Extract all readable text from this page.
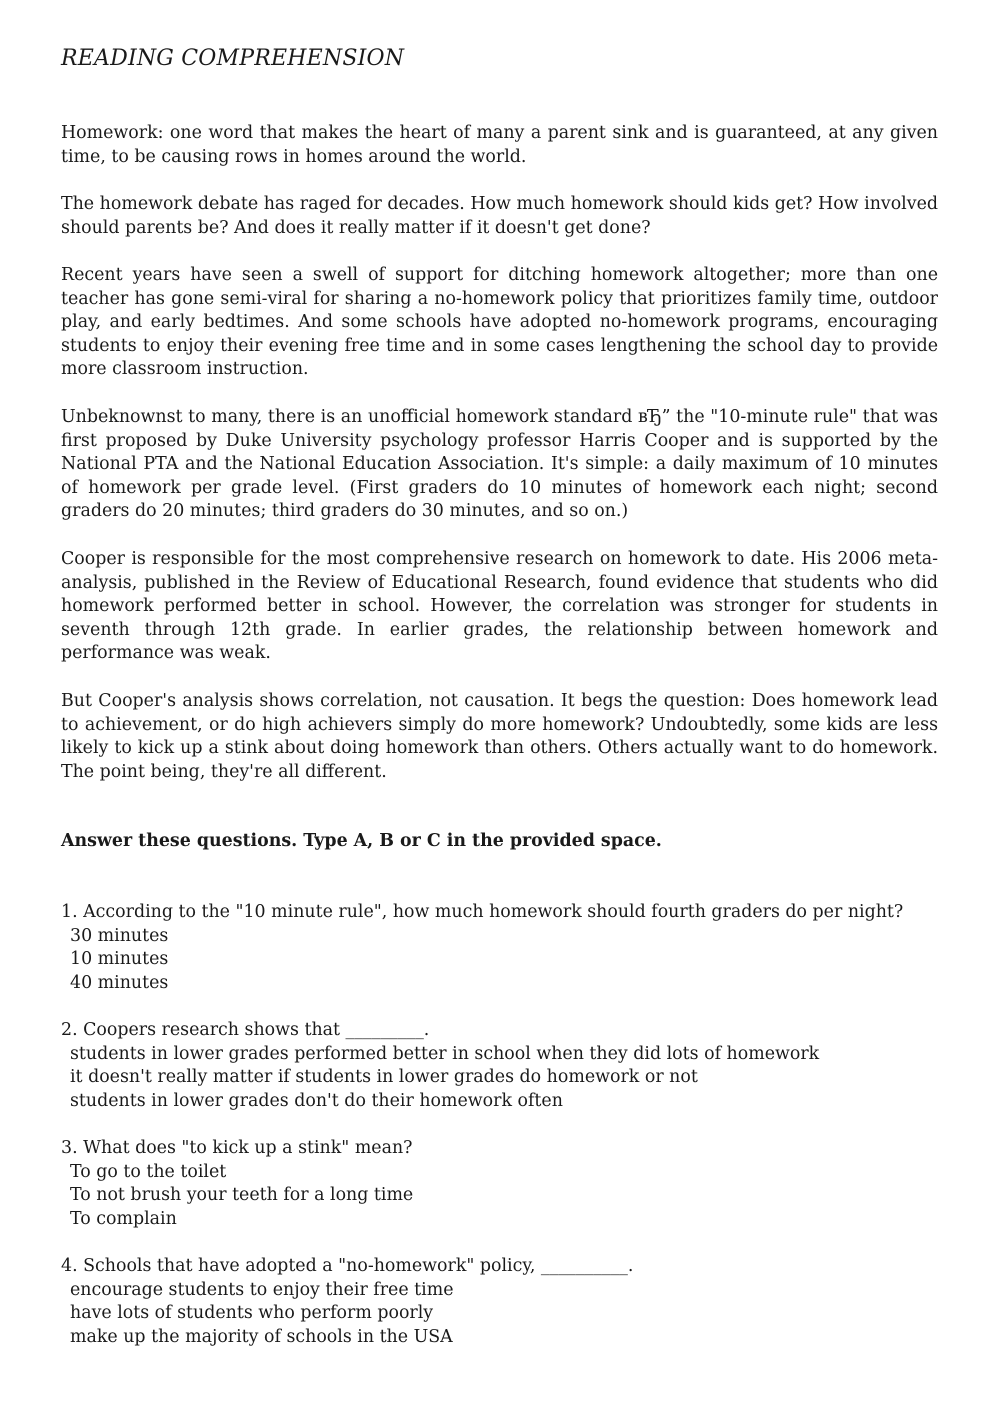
READING COMPREHENSION

Homework: one word that makes the heart of many a parent sink and is guaranteed, at any given time, to be causing rows in homes around the world.

The homework debate has raged for decades. How much homework should kids get? How involved should parents be? And does it really matter if it doesn't get done?

Recent years have seen a swell of support for ditching homework altogether; more than one teacher has gone semi-viral for sharing a no-homework policy that prioritizes family time, outdoor play, and early bedtimes. And some schools have adopted no-homework programs, encouraging students to enjoy their evening free time and in some cases lengthening the school day to provide more classroom instruction.

Unbeknownst to many, there is an unofficial homework standard вЂ” the "10-minute rule" that was first proposed by Duke University psychology professor Harris Cooper and is supported by the National PTA and the National Education Association. It's simple: a daily maximum of 10 minutes of homework per grade level. (First graders do 10 minutes of homework each night; second graders do 20 minutes; third graders do 30 minutes, and so on.)

Cooper is responsible for the most comprehensive research on homework to date. His 2006 meta-analysis, published in the Review of Educational Research, found evidence that students who did homework performed better in school. However, the correlation was stronger for students in seventh through 12th grade. In earlier grades, the relationship between homework and performance was weak.

But Cooper's analysis shows correlation, not causation. It begs the question: Does homework lead to achievement, or do high achievers simply do more homework? Undoubtedly, some kids are less likely to kick up a stink about doing homework than others. Others actually want to do homework. The point being, they're all different.

Answer these questions. Type A, B or C in the provided space.
1. According to the "10 minute rule", how much homework should fourth graders do per night?
30 minutes
10 minutes
40 minutes
2. Coopers research shows that _________.
students in lower grades performed better in school when they did lots of homework
it doesn't really matter if students in lower grades do homework or not
students in lower grades don't do their homework often
3. What does "to kick up a stink" mean?
To go to the toilet
To not brush your teeth for a long time
To complain
4. Schools that have adopted a "no-homework" policy, __________.
encourage students to enjoy their free time
have lots of students who perform poorly
make up the majority of schools in the USA
